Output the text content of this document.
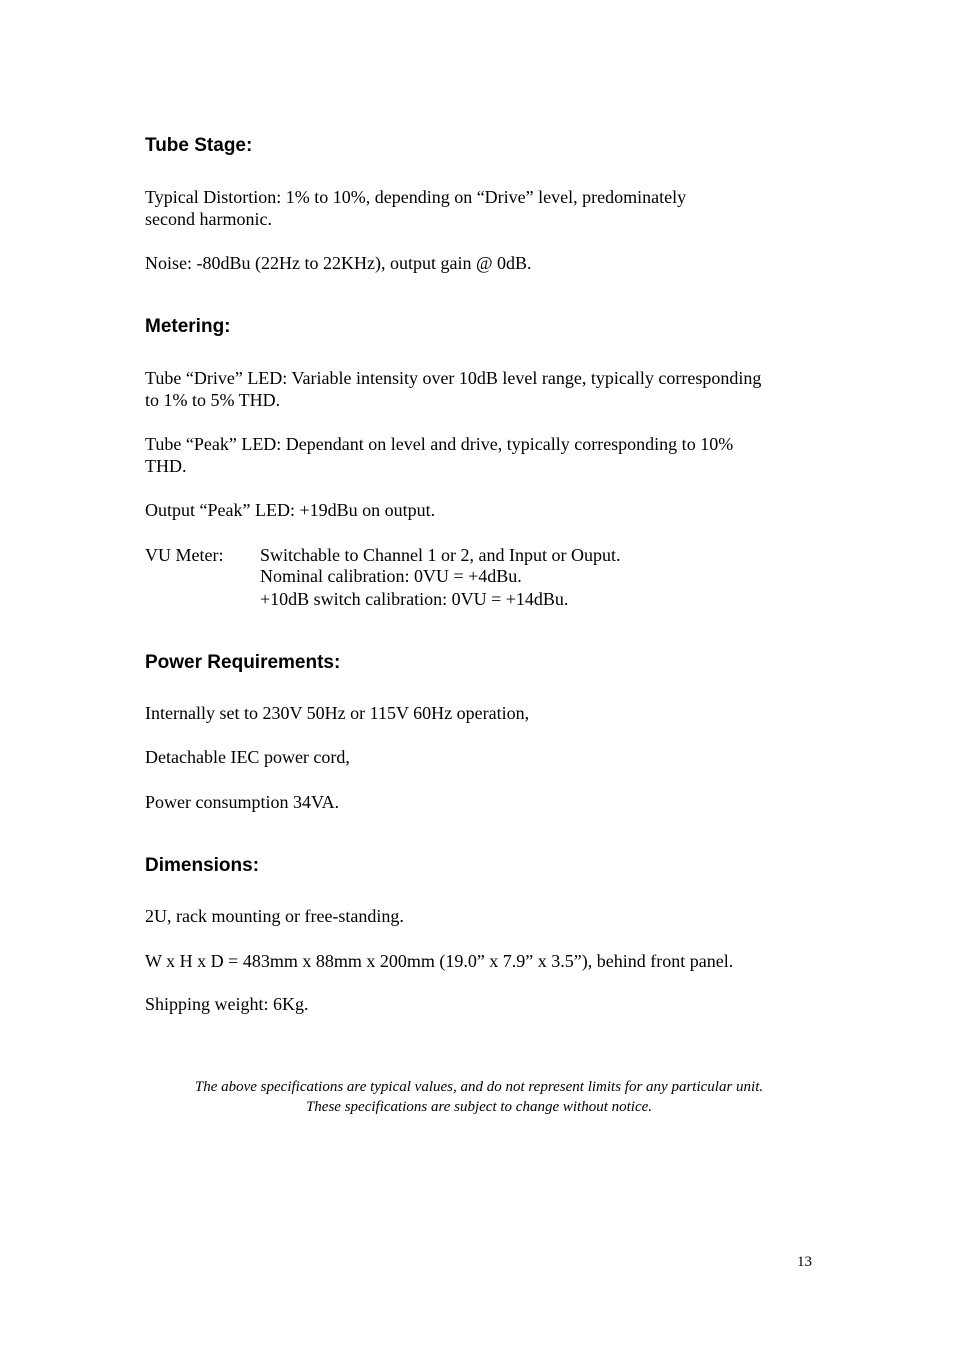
Tube Stage:
Typical Distortion: 1% to 10%, depending on “Drive” level, predominately
second harmonic.
Noise: -80dBu (22Hz to 22KHz), output gain @ 0dB.
Metering:
Tube “Drive” LED: Variable intensity over 10dB level range, typically corresponding
to 1% to 5% THD.
Tube “Peak” LED: Dependant on level and drive, typically corresponding to 10%
THD.
Output “Peak” LED: +19dBu on output.
VU Meter: Switchable to Channel 1 or 2, and Input or Ouput.
Nominal calibration: 0VU = +4dBu.
+10dB switch calibration: 0VU = +14dBu.
Power Requirements:
Internally set to 230V 50Hz or 115V 60Hz operation,
Detachable IEC power cord,
Power consumption 34VA.
Dimensions:
2U, rack mounting or free-standing.
W x H x D = 483mm x 88mm x 200mm (19.0” x 7.9” x 3.5”), behind front panel.
Shipping weight: 6Kg.
The above specifications are typical values, and do not represent limits for any particular unit.
These specifications are subject to change without notice.
13
